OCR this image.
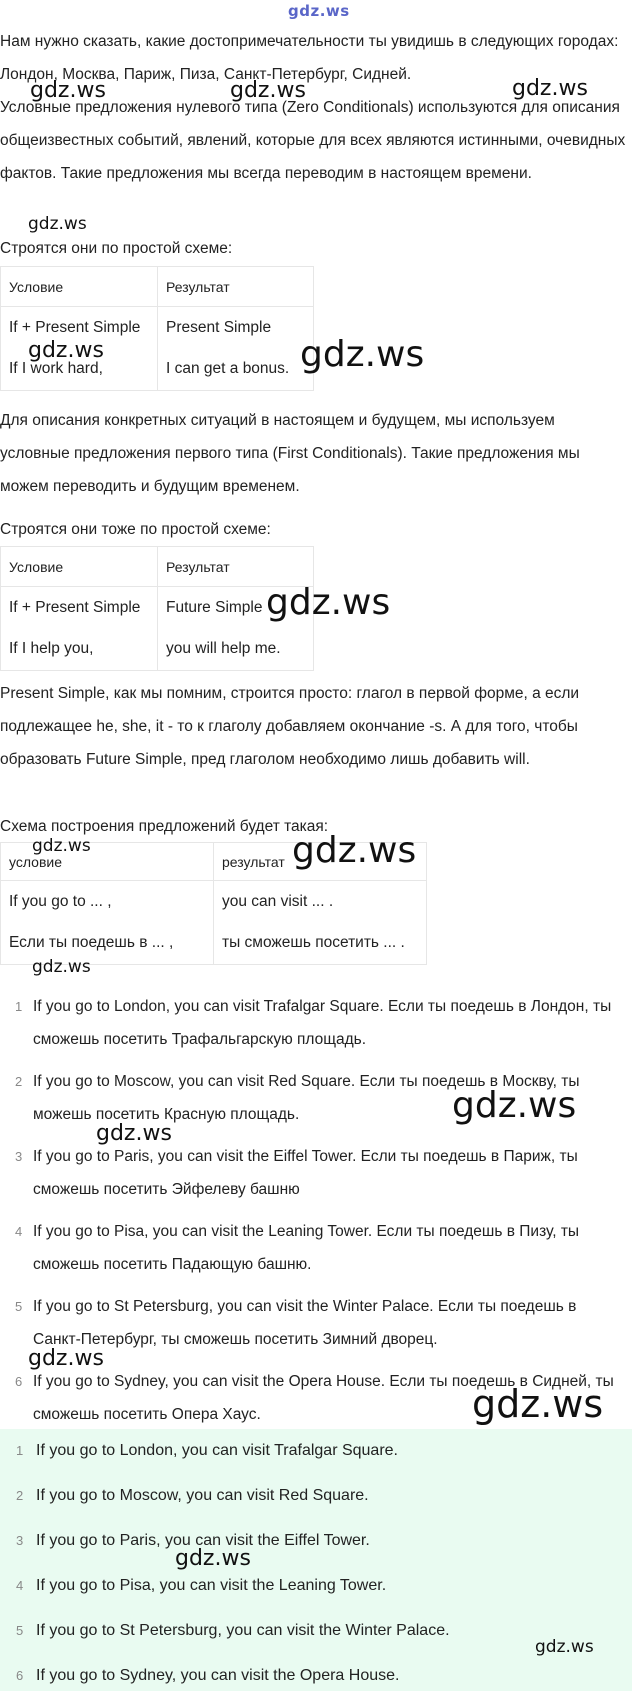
Нам нужно сказать, какие достопримечательности ты увидишь в следующих городах: Лондон, Москва, Париж, Пиза, Санкт-Петербург, Сидней.
Условные предложения нулевого типа (Zero Conditionals) используются для описания общеизвестных событий, явлений, которые для всех являются истинными, очевидных фактов. Такие предложения мы всегда переводим в настоящем времени.
Строятся они по простой схеме:
Условие	Результат
If + Present Simple	Present Simple
If I work hard,	I can get a bonus.
Для описания конкретных ситуаций в настоящем и будущем, мы используем условные предложения первого типа (First Conditionals). Такие предложения мы можем переводить и будущим временем.
Строятся они тоже по простой схеме:
Условие	Результат
If + Present Simple	Future Simple
If I help you,	you will help me.
Present Simple, как мы помним, строится просто: глагол в первой форме, а если подлежащее he, she, it - то к глаголу добавляем окончание -s. А для того, чтобы образовать Future Simple, пред глаголом необходимо лишь добавить will.
Схема построения предложений будет такая:
условие	результат
If you go to ... ,	you can visit ... .
Если ты поедешь в ... ,	ты сможешь посетить ... .
1 If you go to London, you can visit Trafalgar Square. Если ты поедешь в Лондон, ты сможешь посетить Трафальгарскую площадь.
2 If you go to Moscow, you can visit Red Square. Если ты поедешь в Москву, ты можешь посетить Красную площадь.
3 If you go to Paris, you can visit the Eiffel Tower. Если ты поедешь в Париж, ты сможешь посетить Эйфелеву башню
4 If you go to Pisa, you can visit the Leaning Tower. Если ты поедешь в Пизу, ты сможешь посетить Падающую башню.
5 If you go to St Petersburg, you can visit the Winter Palace. Если ты поедешь в Санкт-Петербург, ты сможешь посетить Зимний дворец.
6 If you go to Sydney, you can visit the Opera House. Если ты поедешь в Сидней, ты сможешь посетить Опера Хаус.
1 If you go to London, you can visit Trafalgar Square.
2 If you go to Moscow, you can visit Red Square.
3 If you go to Paris, you can visit the Eiffel Tower.
4 If you go to Pisa, you can visit the Leaning Tower.
5 If you go to St Petersburg, you can visit the Winter Palace.
6 If you go to Sydney, you can visit the Opera House.
gdz.ws
gdz.ws	gdz.ws	gdz.ws
gdz.ws
gdz.ws	gdz.ws
gdz.ws
gdz.ws	gdz.ws
gdz.ws
gdz.ws
gdz.ws
gdz.ws
gdz.ws
gdz.ws
gdz.ws
